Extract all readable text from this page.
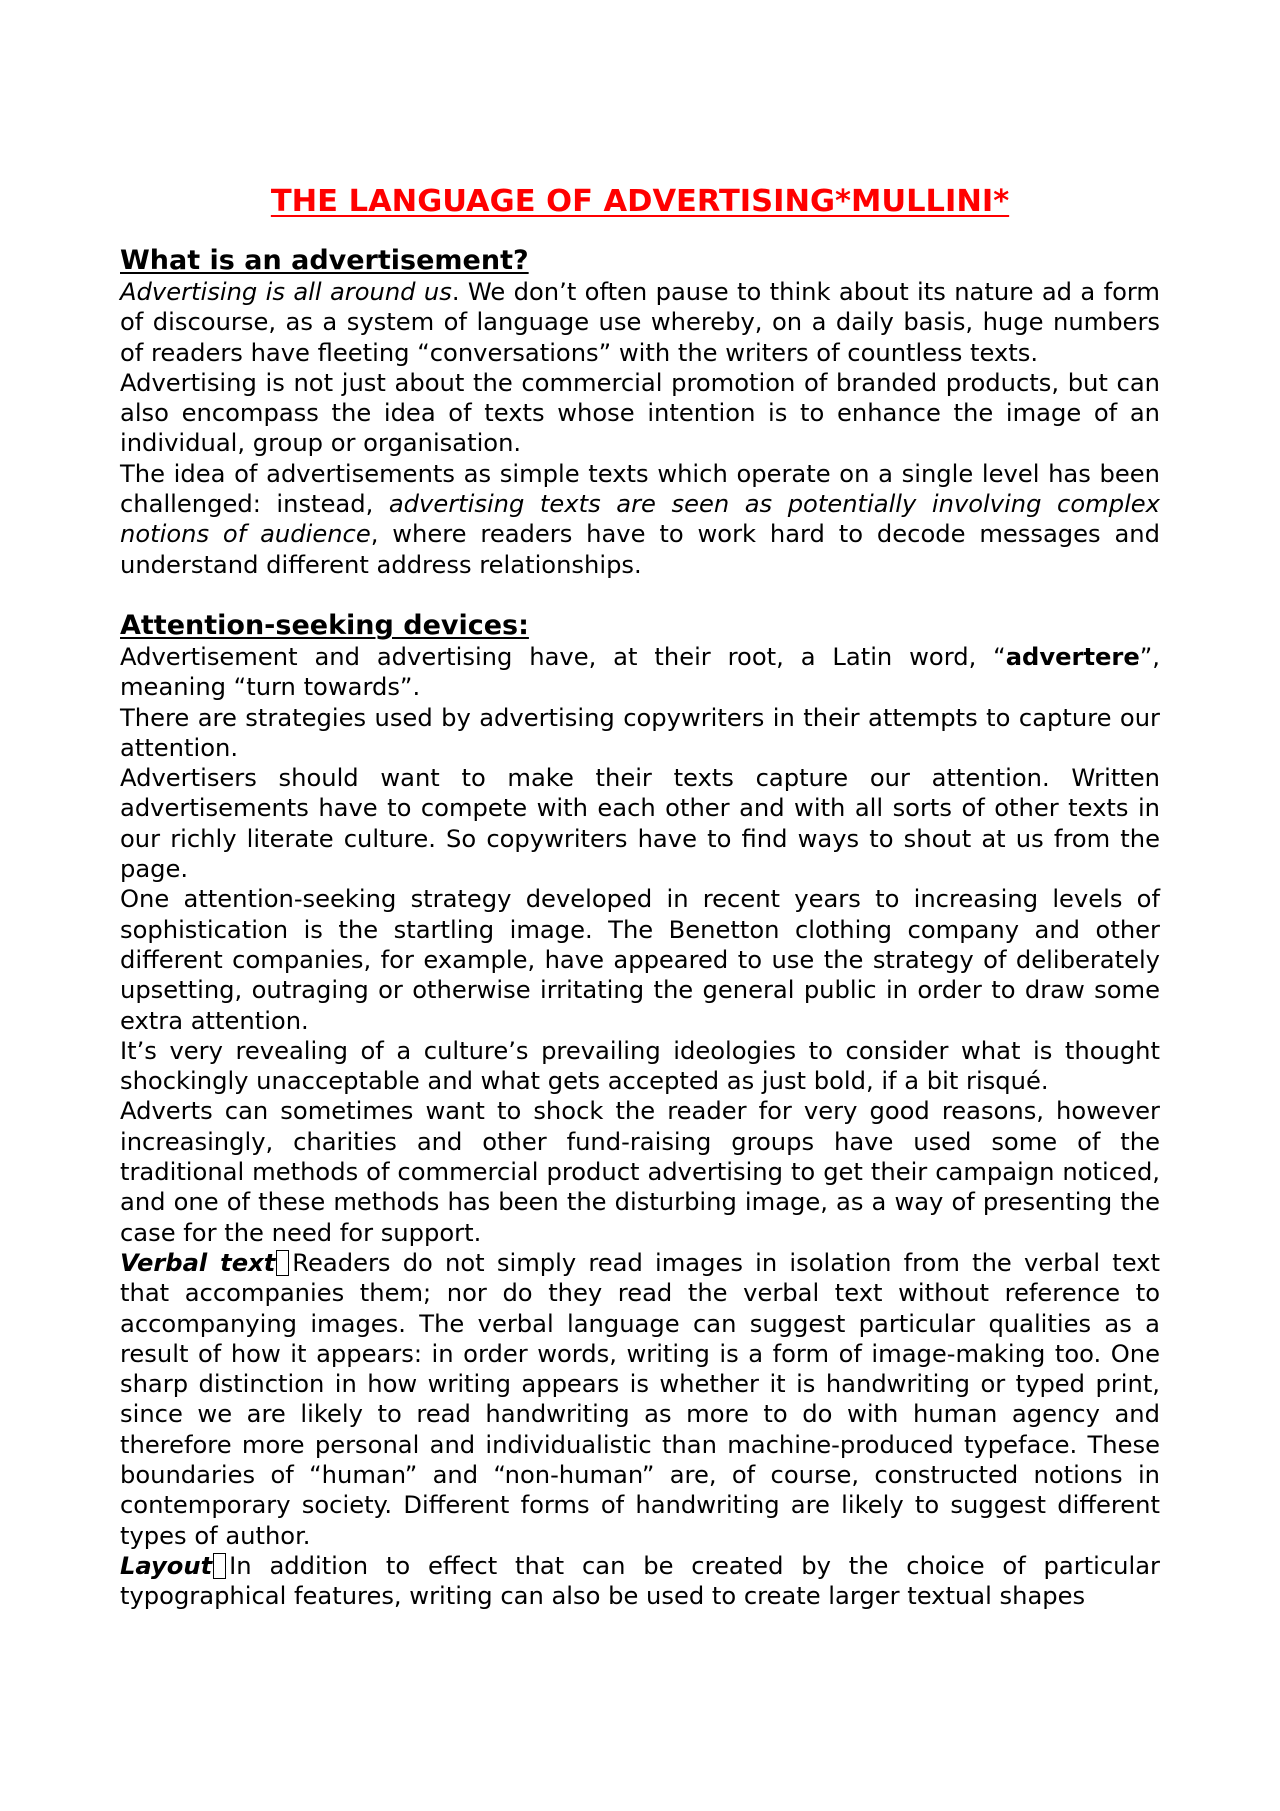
THE LANGUAGE OF ADVERTISING*MULLINI*
What is an advertisement?

Advertising is all around us. We don’t often pause to think about its nature ad a form of discourse, as a system of language use whereby, on a daily basis, huge numbers of readers have fleeting “conversations” with the writers of countless texts.

Advertising is not just about the commercial promotion of branded products, but can also encompass the idea of texts whose intention is to enhance the image of an individual, group or organisation.

The idea of advertisements as simple texts which operate on a single level has been challenged: instead, advertising texts are seen as potentially involving complex notions of audience, where readers have to work hard to decode messages and understand different address relationships.

Attention-seeking devices:

Advertisement and advertising have, at their root, a Latin word, “advertere”, meaning “turn towards”.

There are strategies used by advertising copywriters in their attempts to capture our attention.

Advertisers should want to make their texts capture our attention. Written advertisements have to compete with each other and with all sorts of other texts in our richly literate culture. So copywriters have to find ways to shout at us from the page.

One attention-seeking strategy developed in recent years to increasing levels of sophistication is the startling image. The Benetton clothing company and other different companies, for example, have appeared to use the strategy of deliberately upsetting, outraging or otherwise irritating the general public in order to draw some extra attention.

It’s very revealing of a culture’s prevailing ideologies to consider what is thought shockingly unacceptable and what gets accepted as just bold, if a bit risqué.

Adverts can sometimes want to shock the reader for very good reasons, however increasingly, charities and other fund-raising groups have used some of the traditional methods of commercial product advertising to get their campaign noticed, and one of these methods has been the disturbing image, as a way of presenting the case for the need for support.

Verbal text Readers do not simply read images in isolation from the verbal text that accompanies them; nor do they read the verbal text without reference to accompanying images. The verbal language can suggest particular qualities as a result of how it appears: in order words, writing is a form of image-making too. One sharp distinction in how writing appears is whether it is handwriting or typed print, since we are likely to read handwriting as more to do with human agency and therefore more personal and individualistic than machine-produced typeface. These boundaries of “human” and “non-human” are, of course, constructed notions in contemporary society. Different forms of handwriting are likely to suggest different types of author.

Layout In addition to effect that can be created by the choice of particular typographical features, writing can also be used to create larger textual shapes
